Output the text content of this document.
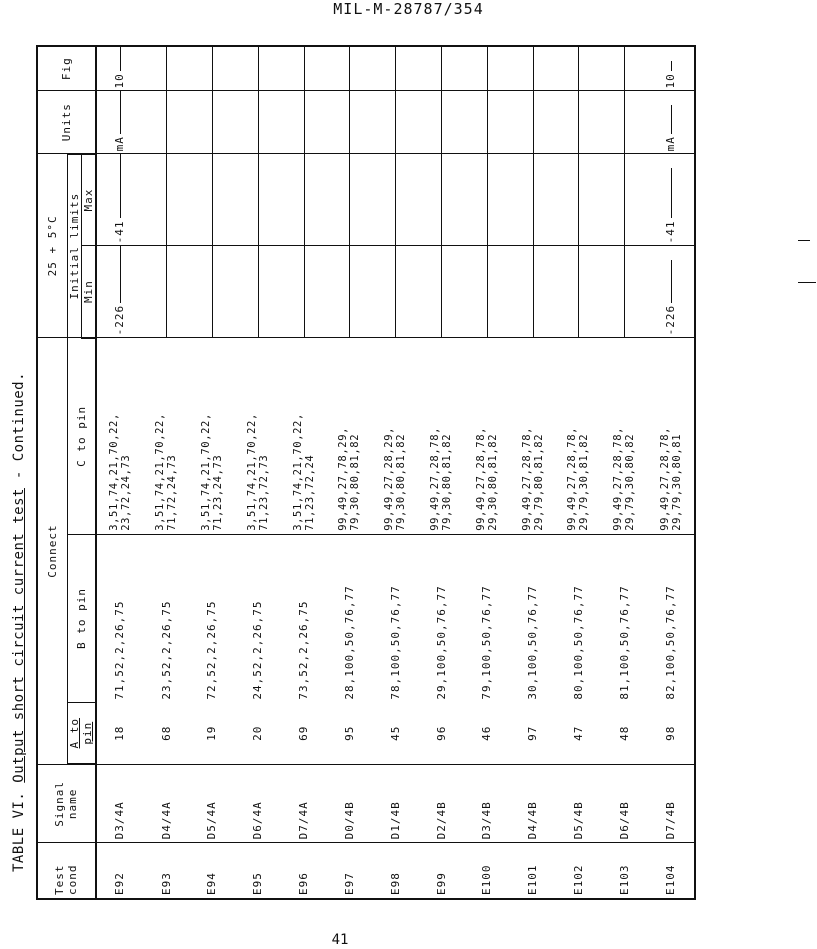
MIL-M-28787/354
TABLE VI. Output short circuit current test - Continued.
Test cond	Signal name	Connect			25 + 5°C		Units	Fig
		A to pin	B to pin	C to pin	Initial limits			
					Min	Max		
E92	D3/4A	18	71,52,2,26,75	3,51,74,21,70,22, 23,72,24,73	-226	-41	mA	10
E93	D4/4A	68	23,52,2,26,75	3,51,74,21,70,22, 71,72,24,73				

E94	D5/4A	19	72,52,2,26,75	3,51,74,21,70,22, 71,23,24,73				

E95	D6/4A	20	24,52,2,26,75	3,51,74,21,70,22, 71,23,72,73				

E96	D7/4A	69	73,52,2,26,75	3,51,74,21,70,22, 71,23,72,24				

E97	D0/4B	95	28,100,50,76,77	99,49,27,78,29, 79,30,80,81,82				

E98	D1/4B	45	78,100,50,76,77	99,49,27,28,29, 79,30,80,81,82				

E99	D2/4B	96	29,100,50,76,77	99,49,27,28,78, 79,30,80,81,82				

E100	D3/4B	46	79,100,50,76,77	99,49,27,28,78, 29,30,80,81,82				

E101	D4/4B	97	30,100,50,76,77	99,49,27,28,78, 29,79,80,81,82				

E102	D5/4B	47	80,100,50,76,77	99,49,27,28,78, 29,79,30,81,82				

E103	D6/4B	48	81,100,50,76,77	99,49,27,28,78, 29,79,30,80,82				

E104	D7/4B	98	82,100,50,76,77	99,49,27,28,78, 29,79,30,80,81	-226	-41	mA	10
41
